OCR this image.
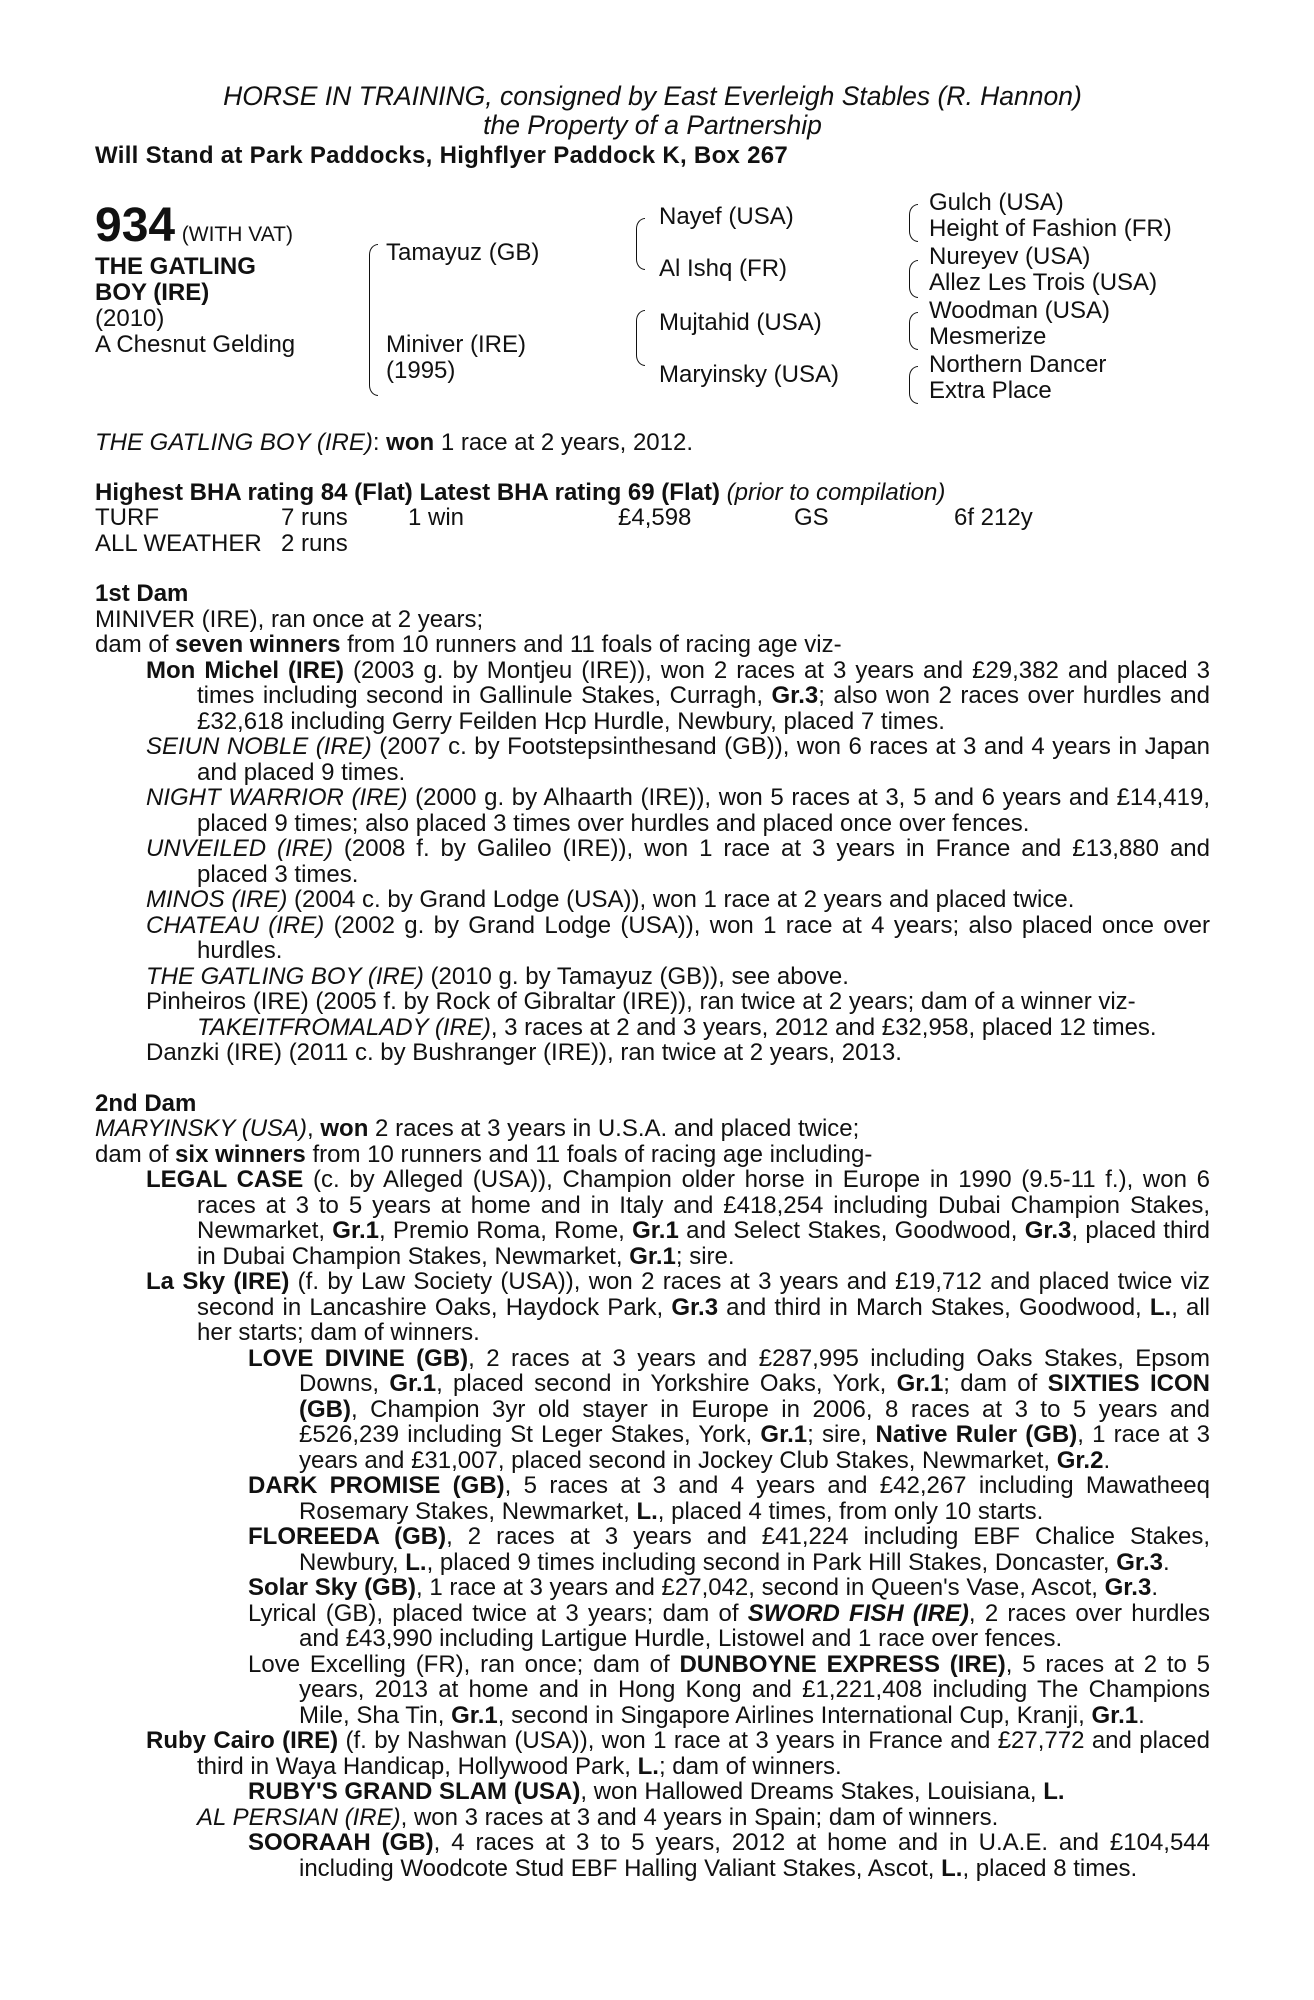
HORSE IN TRAINING, consigned by East Everleigh Stables (R. Hannon)
the Property of a Partnership
Will Stand at Park Paddocks, Highflyer Paddock K, Box 267
934 (WITH VAT)
THE GATLING
BOY (IRE)
(2010)
A Chesnut Gelding
Tamayuz (GB)
Miniver (IRE)
(1995)
Nayef (USA)
Al Ishq (FR)
Mujtahid (USA)
Maryinsky (USA)
Gulch (USA)
Height of Fashion (FR)
Nureyev (USA)
Allez Les Trois (USA)
Woodman (USA)
Mesmerize
Northern Dancer
Extra Place
THE GATLING BOY (IRE): won 1 race at 2 years, 2012.
Highest BHA rating 84 (Flat) Latest BHA rating 69 (Flat) (prior to compilation)
TURF	7 runs	1 win	£4,598	GS	6f 212y
ALL WEATHER	2 runs				
1st Dam
MINIVER (IRE), ran once at 2 years;
dam of seven winners from 10 runners and 11 foals of racing age viz-
Mon Michel (IRE) (2003 g. by Montjeu (IRE)), won 2 races at 3 years and £29,382 and placed 3 times including second in Gallinule Stakes, Curragh, Gr.3; also won 2 races over hurdles and £32,618 including Gerry Feilden Hcp Hurdle, Newbury, placed 7 times.
SEIUN NOBLE (IRE) (2007 c. by Footstepsinthesand (GB)), won 6 races at 3 and 4 years in Japan and placed 9 times.
NIGHT WARRIOR (IRE) (2000 g. by Alhaarth (IRE)), won 5 races at 3, 5 and 6 years and £14,419, placed 9 times; also placed 3 times over hurdles and placed once over fences.
UNVEILED (IRE) (2008 f. by Galileo (IRE)), won 1 race at 3 years in France and £13,880 and placed 3 times.
MINOS (IRE) (2004 c. by Grand Lodge (USA)), won 1 race at 2 years and placed twice.
CHATEAU (IRE) (2002 g. by Grand Lodge (USA)), won 1 race at 4 years; also placed once over hurdles.
THE GATLING BOY (IRE) (2010 g. by Tamayuz (GB)), see above.
Pinheiros (IRE) (2005 f. by Rock of Gibraltar (IRE)), ran twice at 2 years; dam of a winner viz-
TAKEITFROMALADY (IRE), 3 races at 2 and 3 years, 2012 and £32,958, placed 12 times.
Danzki (IRE) (2011 c. by Bushranger (IRE)), ran twice at 2 years, 2013.
2nd Dam
MARYINSKY (USA), won 2 races at 3 years in U.S.A. and placed twice;
dam of six winners from 10 runners and 11 foals of racing age including-
LEGAL CASE (c. by Alleged (USA)), Champion older horse in Europe in 1990 (9.5-11 f.), won 6 races at 3 to 5 years at home and in Italy and £418,254 including Dubai Champion Stakes, Newmarket, Gr.1, Premio Roma, Rome, Gr.1 and Select Stakes, Goodwood, Gr.3, placed third in Dubai Champion Stakes, Newmarket, Gr.1; sire.
La Sky (IRE) (f. by Law Society (USA)), won 2 races at 3 years and £19,712 and placed twice viz second in Lancashire Oaks, Haydock Park, Gr.3 and third in March Stakes, Goodwood, L., all her starts; dam of winners.
LOVE DIVINE (GB), 2 races at 3 years and £287,995 including Oaks Stakes, Epsom Downs, Gr.1, placed second in Yorkshire Oaks, York, Gr.1; dam of SIXTIES ICON (GB), Champion 3yr old stayer in Europe in 2006, 8 races at 3 to 5 years and £526,239 including St Leger Stakes, York, Gr.1; sire, Native Ruler (GB), 1 race at 3 years and £31,007, placed second in Jockey Club Stakes, Newmarket, Gr.2.
DARK PROMISE (GB), 5 races at 3 and 4 years and £42,267 including Mawatheeq Rosemary Stakes, Newmarket, L., placed 4 times, from only 10 starts.
FLOREEDA (GB), 2 races at 3 years and £41,224 including EBF Chalice Stakes, Newbury, L., placed 9 times including second in Park Hill Stakes, Doncaster, Gr.3.
Solar Sky (GB), 1 race at 3 years and £27,042, second in Queen's Vase, Ascot, Gr.3.
Lyrical (GB), placed twice at 3 years; dam of SWORD FISH (IRE), 2 races over hurdles and £43,990 including Lartigue Hurdle, Listowel and 1 race over fences.
Love Excelling (FR), ran once; dam of DUNBOYNE EXPRESS (IRE), 5 races at 2 to 5 years, 2013 at home and in Hong Kong and £1,221,408 including The Champions Mile, Sha Tin, Gr.1, second in Singapore Airlines International Cup, Kranji, Gr.1.
Ruby Cairo (IRE) (f. by Nashwan (USA)), won 1 race at 3 years in France and £27,772 and placed third in Waya Handicap, Hollywood Park, L.; dam of winners.
RUBY'S GRAND SLAM (USA), won Hallowed Dreams Stakes, Louisiana, L.
AL PERSIAN (IRE), won 3 races at 3 and 4 years in Spain; dam of winners.
SOORAAH (GB), 4 races at 3 to 5 years, 2012 at home and in U.A.E. and £104,544 including Woodcote Stud EBF Halling Valiant Stakes, Ascot, L., placed 8 times.
